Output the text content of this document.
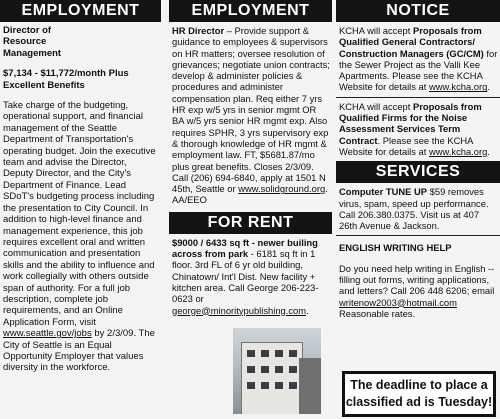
EMPLOYMENT

Director of Resource Management

$7,134 - $11,772/month Plus Excellent Benefits

Take charge of the budgeting, operational support, and financial management of the Seattle Department of Transportation's operating budget. Join the executive team and advise the Director, Deputy Director, and the City's Department of Finance. Lead SDoT's budgeting process including the presentation to City Council. In addition to high-level finance and management experience, this job requires excellent oral and written communication and presentation skills and the ability to influence and work collegially with others outside span of authority. For a full job description, complete job requirements, and an Online Application Form, visit www.seattle.gov/jobs by 2/3/09. The City of Seattle is an Equal Opportunity Employer that values diversity in the workforce.

EMPLOYMENT

HR Director – Provide support & guidance to employees & supervisors on HR matters; oversee resolution of grievances; negotiate union contracts; develop & administer policies & procedures and administer compensation plan. Req either 7 yrs HR exp w/5 yrs in senior mgmt OR BA w/5 yrs senior HR mgmt exp. Also requires SPHR, 3 yrs supervisory exp & thorough knowledge of HR mgmt & employment law. FT, $5681.87/mo plus great benefits. Closes 2/3/09. Call (206) 694-6840, apply at 1501 N 45th, Seattle or www.solidground.org. AA/EEO

FOR RENT

$9000 / 6433 sq ft - newer builing across from park - 6181 sq ft in 1 floor. 3rd FL of 6 yr old building, Chinatown/ Int'l Dist. New facility + kitchen area. Call George 206-223-0623 or george@minoritypublishing.com.

NOTICE

KCHA will accept Proposals from Qualified General Contractors/ Construction Managers (GC/CM) for the Sewer Project as the Valli Kee Apartments. Please see the KCHA Website for details at www.kcha.org.

KCHA will accept Proposals from Qualified Firms for the Noise Assessment Services Term Contract. Please see the KCHA Website for details at www.kcha.org.

SERVICES

Computer TUNE UP $59 removes virus, spam, speed up performance. Call 206.380.0375. Visit us at 407 26th Avenue & Jackson.

ENGLISH WRITING HELP

Do you need help writing in English -- filling out forms, writing applications, and letters? Call 206 448 6206; email writenow2003@hotmail.com Reasonable rates.

The deadline to place a classified ad is Tuesday!
